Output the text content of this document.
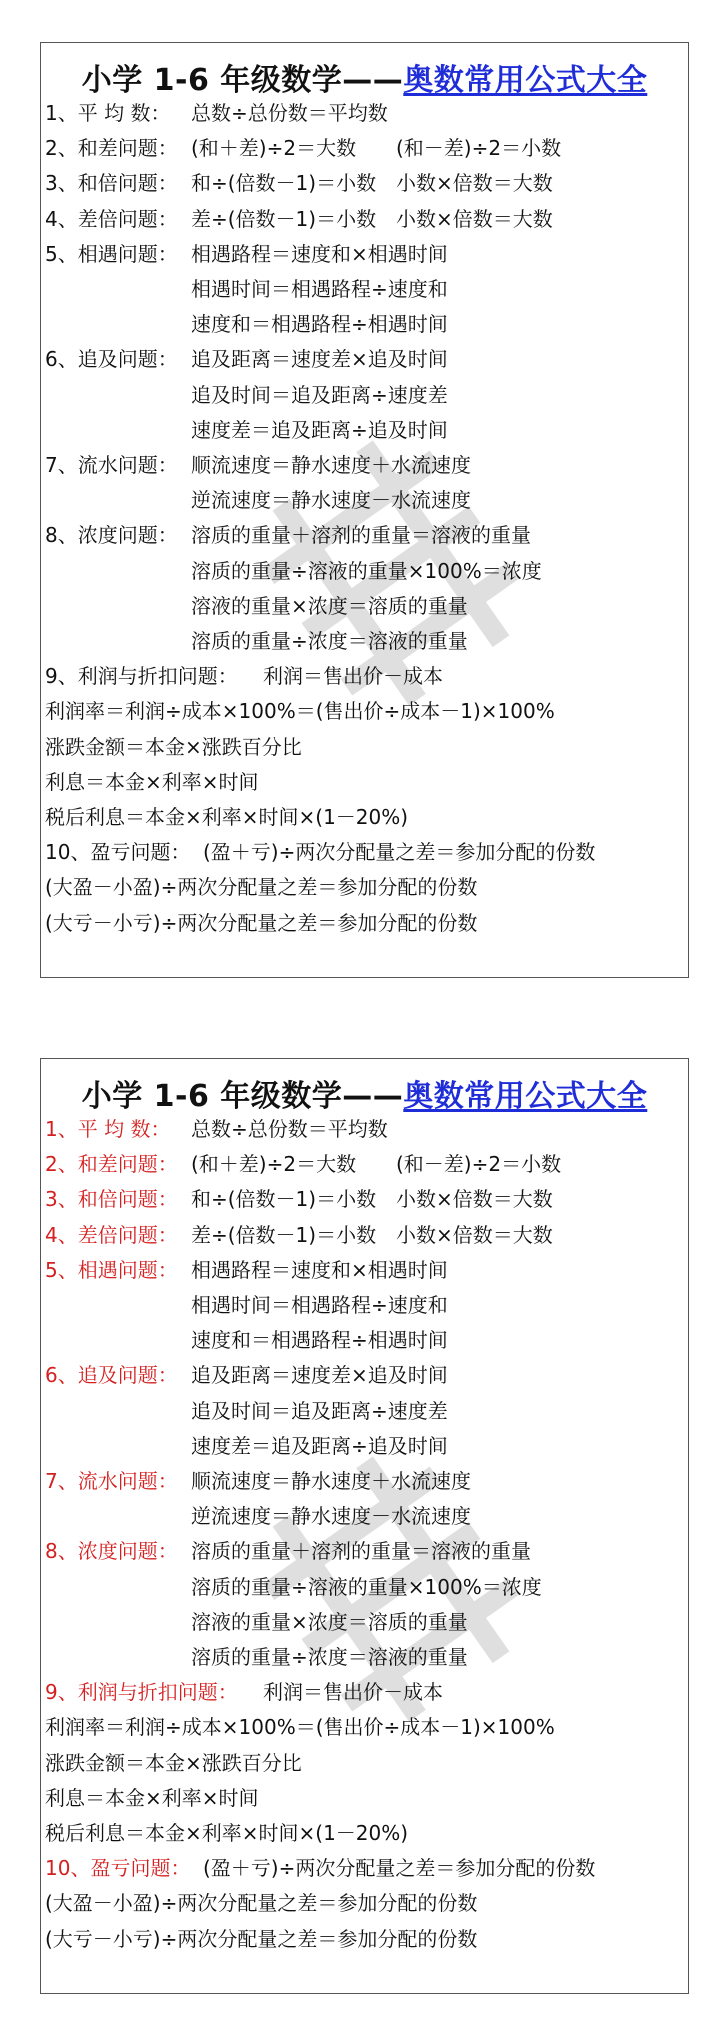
小学 1-6 年级数学——奥数常用公式大全
1、平 均 数： 总数÷总份数＝平均数
2、和差问题： (和＋差)÷2＝大数 (和－差)÷2＝小数
3、和倍问题： 和÷(倍数－1)＝小数 小数×倍数＝大数
4、差倍问题： 差÷(倍数－1)＝小数 小数×倍数＝大数
5、相遇问题： 相遇路程＝速度和×相遇时间
相遇时间＝相遇路程÷速度和
速度和＝相遇路程÷相遇时间
6、追及问题： 追及距离＝速度差×追及时间
追及时间＝追及距离÷速度差
速度差＝追及距离÷追及时间
7、流水问题： 顺流速度＝静水速度＋水流速度
逆流速度＝静水速度－水流速度
8、浓度问题： 溶质的重量＋溶剂的重量＝溶液的重量
溶质的重量÷溶液的重量×100%＝浓度
溶液的重量×浓度＝溶质的重量
溶质的重量÷浓度＝溶液的重量
9、利润与折扣问题： 利润＝售出价－成本
利润率＝利润÷成本×100%＝(售出价÷成本－1)×100%
涨跌金额＝本金×涨跌百分比
利息＝本金×利率×时间
税后利息＝本金×利率×时间×(1－20%)
10、盈亏问题： (盈＋亏)÷两次分配量之差＝参加分配的份数
(大盈－小盈)÷两次分配量之差＝参加分配的份数
(大亏－小亏)÷两次分配量之差＝参加分配的份数
小学 1-6 年级数学——奥数常用公式大全
1、平 均 数： 总数÷总份数＝平均数
2、和差问题： (和＋差)÷2＝大数 (和－差)÷2＝小数
3、和倍问题： 和÷(倍数－1)＝小数 小数×倍数＝大数
4、差倍问题： 差÷(倍数－1)＝小数 小数×倍数＝大数
5、相遇问题： 相遇路程＝速度和×相遇时间
相遇时间＝相遇路程÷速度和
速度和＝相遇路程÷相遇时间
6、追及问题： 追及距离＝速度差×追及时间
追及时间＝追及距离÷速度差
速度差＝追及距离÷追及时间
7、流水问题： 顺流速度＝静水速度＋水流速度
逆流速度＝静水速度－水流速度
8、浓度问题： 溶质的重量＋溶剂的重量＝溶液的重量
溶质的重量÷溶液的重量×100%＝浓度
溶液的重量×浓度＝溶质的重量
溶质的重量÷浓度＝溶液的重量
9、利润与折扣问题： 利润＝售出价－成本
利润率＝利润÷成本×100%＝(售出价÷成本－1)×100%
涨跌金额＝本金×涨跌百分比
利息＝本金×利率×时间
税后利息＝本金×利率×时间×(1－20%)
10、盈亏问题： (盈＋亏)÷两次分配量之差＝参加分配的份数
(大盈－小盈)÷两次分配量之差＝参加分配的份数
(大亏－小亏)÷两次分配量之差＝参加分配的份数
